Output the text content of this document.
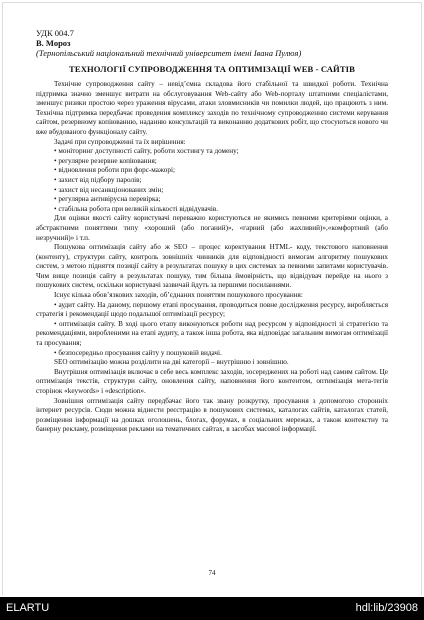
УДК 004.7
В. Мороз
(Тернопільський національний технічний університет імені Івана Пулюя)
ТЕХНОЛОГІЇ СУПРОВОДЖЕННЯ ТА ОПТИМІЗАЦІЇ WEB - САЙТІВ

Технічне супроводження сайту – невід’ємна складова його стабільної та швидкої роботи. Технічна підтримка значно зменшує витрати на обслуговування Web-сайту або Web-порталу штатними спеціалістами, зменшує ризики простою через ураження вірусами, атаки зловмисників чи помилки людей, що працюють з ним. Технічна підтримка передбачає проведення комплексу заходів по технічному супроводженню системи керування сайтом, резервному копіюванню, наданню консультацій та виконанню додаткових робіт, що стосуються нового чи вже вбудованого функціоналу сайту.

Задачі при супроводженні та їх вирішення:

• моніторинг доступності сайту, роботи хостингу та домену;
• регулярне резервне копіювання;
• відновлення роботи при форс-мажорі;
• захист від підбору паролів;
• захист від несанкціонованих змін;
• регулярна антивірусна перевірка;
• стабільна робота при великій кількості відвідувачів.

Для оцінки якості сайту користувачі переважно користуються не якимись певними критеріями оцінки, а абстрактними поняттями типу «хороший (або поганий)», «гарний (або жахливий)»,«комфортний (або незручний)» і т.п.

Пошукова оптимізація сайту або ж SEO – процес коректування HTML- коду, текстового наповнення (контенту), структури сайту, контроль зовнішніх чинників для відповідності вимогам алгоритму пошукових систем, з метою підняття позиції сайту в результатах пошуку в цих системах за певними запитами користувачів. Чим вище позиція сайту в результатах пошуку, тим більша ймовірність, що відвідувач перейде на нього з пошукових систем, оскільки користувачі зазвичай йдуть за першими посиланнями.

Існує кілька обов’язкових заходів, об’єднаних поняттям пошукового просування:

• аудит сайту. На даному, першому етапі просування, проводиться повне дослідження ресурсу, виробляється стратегія і рекомендації щодо подальшої оптимізації ресурсу;

• оптимізація сайту. В ході цього етапу виконуються роботи над ресурсом у відповідності зі стратегією та рекомендаціями, виробленими на етапі аудиту, а також інша робота, яка відповідає загальним вимогам оптимізації та просування;

• безпосередньо просування сайту у пошуковій видачі.

SEO оптимізацію можна розділити на дві категорії – внутрішню і зовнішню.

Внутрішня оптимізація включає в себе весь комплекс заходів, зосереджених на роботі над самим сайтом. Це оптимізація текстів, структури сайту, оновлення сайту, наповнення його контентом, оптимізація мета-тегів сторінок «keywords» і «description».

Зовнішня оптимізація сайту передбачає його так звану розкрутку, просування з допомогою сторонніх інтернет ресурсів. Сюди можна віднести реєстрацію в пошукових системах, каталогах сайтів, каталогах статей, розміщення інформації на дошках оголошень, блогах, форумах, в соціальних мережах, а також контекстну та банерну рекламу, розміщення реклами на тематичних сайтах, в засобах масової інформації.

74
ELARTU	hdl:lib/23908
